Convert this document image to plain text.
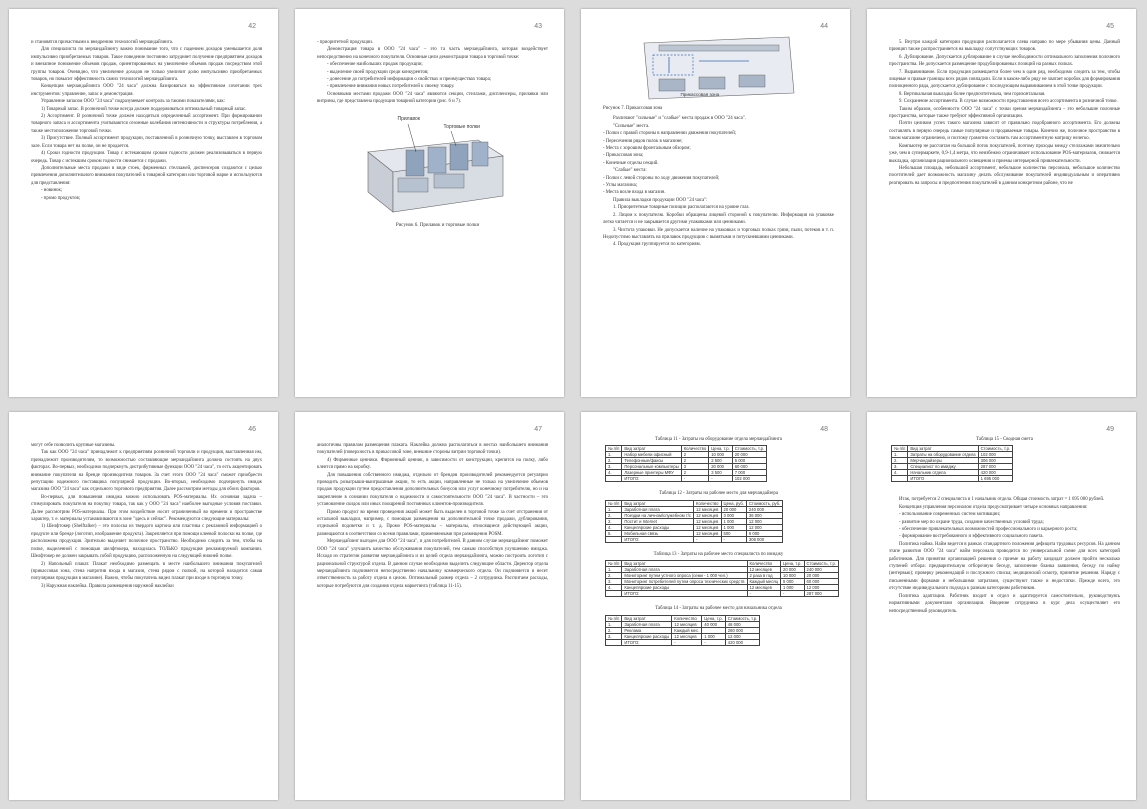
42

и становятся причастными к внедрению технологий мерчандайзинга.

Для специалиста по мерчандайзингу важно понимание того, что с падением доходов уменьшается доля импульсивно приобретаемых товаров. Такое поведение постоянно затрудняет получение предприятием доходов и внезапное понижение объемов продаж, ориентированных на увеличение объемов продаж посредством этой группы товаров. Очевидно, что увеличение доходов не только увеличит долю импульсивно приобретаемых товаров, но повысит эффективность самих технологий мерчандайзинга.

Концепция мерчандайзинга ООО "24 часа" должна базироваться на эффективном сочетании трех инструментов: управление, запас и демонстрация.

Управление запасом ООО "24 часа" подразумевает контроль за такими показателями, как:

1) Товарный запас. В розничной точке всегда должен поддерживаться оптимальный товарный запас.

2) Ассортимент. В розничной точке должен находиться определенный ассортимент. При формировании товарного запаса и ассортимента учитываются сезонные колебания интенсивности и структуры потребления, а также местоположение торговой точки.

3) Присутствие. Полный ассортимент продукции, поставленной в розничную точку, выставлен в торговом зале. Если товара нет на полке, он не продается.

4) Сроки годности продукции. Товар с истекающим сроком годности должен реализовываться в первую очередь. Товар с истекшим сроком годности снимается с продажи.

Дополнительные места продажи в виде стоек, фирменных стеллажей, диспенсеров создаются с целью привлечения дополнительного внимания покупателей к товарной категории или торговой марке и используются для представления:

- новинок;

- промо продуктов;

43

- приоритетной продукции.

Демонстрация товара в ООО "24 часа" – это та часть мерчандайзинга, которая воздействует непосредственно на конечного покупателя. Основные цели демонстрации товара в торговой точке:

- обеспечение наибольших продаж продукции;

- выделение своей продукции среди конкурентов;

- донесение до потребителей информации о свойствах и преимуществах товара;

- привлечение внимания новых потребителей к своему товару.

Основными местами продажи ООО "24 часа" являются секции, стеллажи, диспленсеры, прилавки или витрины, где представлена продукция товарной категории (рис. 6 и 7).

Прилавок
Торговые полки

Рисунок 6. Прилавок и торговые полки

44
Прикассовая зона

Рисунок 7. Прикассовая зона

Различают "сильные" и "слабые" места продаж в ООО "24 часа".

"Сильные" места.

- Полки с правой стороны в направлении движения покупателей;

- Пересечения рядов полок в магазине;

- Места с хорошим фронтальным обзором;

- Прикассовая зона;

- Конечные отделы секций.

"Слабые" места:

- Полки с левой стороны по ходу движения покупателей;

- Углы магазина;

- Места возле входа в магазин.

Правила выкладки продукции ООО "24 часа":

1. Приоритетные товарные позиции располагаются на уровне глаз.

2. Лицом к покупателю. Коробки обращены лицевой стороной к покупателю. Информация на упаковке легко читается и не закрывается другими упаковками или ценниками.

3. Чистота упаковки. Не допускается наличие на упаковках и торговых полках грязи, пыли, потеков и т. п. Недопустимо выставлять на прилавок продукцию с вымятыми и потускневшими ценниками.

4. Продукция группируется по категориям.

45

5. Внутри каждой категории продукция располагается слева направо по мере убывания цены. Данный принцип также распространяется на выкладку сопутствующих товаров.

6. Дублирование. Допускается дублирование в случае необходимости оптимального заполнения полочного пространства. Не допускается размещение продублированных позиций на разных полках.

7. Выравнивание. Если продукция размещается более чем в один ряд, необходимо следить за тем, чтобы лицевые и правые границы всех рядов совпадали. Если в каком-либо ряду не хватает коробок для формирования полноценного ряда, допускается дублирование с последующим выравниванием в этой точке продукции.

8. Вертикальная выкладка более предпочтительна, чем горизонтальная.

9. Сохранение ассортимента. В случае возможности представления всего ассортимента в розничной точке.

Таким образом, особенности ООО "24 часа" с точки зрения мерчандайзинга – это небольшие полочные пространства, которые также требуют эффективной организации.

Почти целиком успех такого магазина зависит от правильно подобранного ассортимента. Его должны составлять в первую очередь самые популярные и продаваемые товары. Конечно же, полочное пространство в таком магазине ограничено, и поэтому грамотно составить там ассортиментную матрицу нелегко.

Компьютер не рассчитан на большой поток покупателей, поэтому проходы между стеллажами значительно уже, чем в супермаркете, 0,9-1,4 метра, что неизбежно ограничивает использование POS-материалов, снижается выкладка, организация рационального освещения и приемы интерьерной привлекательности.

Небольшая площадь, небольшой ассортимент, небольшое количество персонала, небольшое количество посетителей дает возможность магазину делать обслуживание покупателей индивидуальным и оперативно реагировать на запросы и предпочтения покупателей в данном конкретном районе, что не

46

могут себе позволить крупные магазины.

Так как ООО "24 часа" принадлежит к предприятиям розничной торговли и продукция, выставленная им, принадлежит производителям, то возможностью составляющие мерчандайзинга должна состоять на двух факторах. Во-первых, необходимо подчеркнуть дистрибутивные функции ООО "24 часа", то есть акцентировать внимание покупателя на бренде производителя товаров. За счет этого ООО "24 часа" сможет приобрести репутацию надежного поставщика популярной продукции. Во-вторых, необходимо подчеркнуть имидж магазина ООО "24 часа" как отдельного торгового предприятия. Далее рассмотрим методы для обоих факторов.

Во-первых, для повышения имиджа можно использовать POS-материалы. Их основная задача – стимулировать покупателя на покупку товара, так как у ООО "24 часа" наиболее выгодные условия поставки. Далее рассмотрим POS-материалы. При этом воздействие носит ограниченный во времени и пространстве характер, т. е. материалы устанавливаются в зоне "здесь и сейчас". Рекомендуются следующие материалы:

1) Шелфтокер (Shelftalker) – это полоска из твердого картона или пластика с рекламной информацией о продукте или бренде (логотип, изображение продукта). Закрепляется при помощи клеевой полоски на полке, где расположена продукция. Зрительно выделяет полочное пространство. Необходимо следить за тем, чтобы на полке, выделенной с помощью шелфтокера, находилась ТОЛЬКО продукция рекламируемой компании. Шелфтокер не должен закрывать собой продукцию, расположенную на следующей нижней полке.

2) Напольный плакат. Плакат необходимо размещать в месте наибольшего внимания покупателей (прикассовая зона, стена напротив входа в магазин, стена рядом с полкой, на которой находится самая популярная продукция в магазине). Важно, чтобы покупатель видел плакат при входе в торговую точку.

3) Наружная наклейка. Правила размещения наружной наклейки

47

аналогичны правилам размещения плаката. Наклейка должна располагаться в местах наибольшего внимания покупателей (поверхность в прикассовой зоне, внешние стороны витрин торговой точки).

4) Фирменные ценники. Фирменный ценник, в зависимости от конструкции, крепится на полку, либо клеится прямо на коробку.

Для повышения собственного имиджа, отдельно от брендов производителей рекомендуется регулярно проводить розыгрыши-выигрышные акции, то есть акции, направленные не только на увеличение объемов продаж продукции путем предоставления дополнительных бонусов или услуг конечному потребителю, но и на закрепление в сознании покупателя о надежности и самостоятельности ООО "24 часа". В частности – это установление скидок или иных поощрений постоянных клиентов-производителя.

Промо продукт во время проведения акций может быть выделен в торговой точке за счет отстранения от остальной выкладки, например, с помощью размещения на дополнительной точке продажи, дублирования, отдельной подсветки и т. д. Промо POS-материалы – материалы, относящиеся действующей акции, размещаются в соответствии со всеми правилами, применяемыми при размещении POSM.

Мерчандайзинг выгоден для ООО "24 часа", и для потребителей. В данном случае мерчандайзинг поможет ООО "24 часа" улучшить качество обслуживания покупателей, тем самым способствуя улучшению имиджа. Исходя из стратегии развития мерчандайзинга и из целей отдела мерчандайзинга, можно построить логотип с рациональной структурой отдела. В данном случае необходимо выделить следующие области. Директор отдела мерчандайзинга подчиняется непосредственно начальнику коммерческого отдела. Он подчиняется и несет ответственность за работу отдела в целом. Оптимальный размер отдела – 2 сотрудника. Рассчитаем расходы, которые потребуются для создания отдела маркетинга (таблица 11-15).

48

Таблица 11 - Затраты на оборудование отдела мерчандайзинга

№ п/п	Вид затрат	Количество	Цена, т.р.	Стоимость, т.р.
1.	Набор мебели офисный	2	10 000	20 000
2.	Телефонные/факсы	2	2 500	5 000
3.	Персональные компьютеры	3	20 000	60 000
4.	Лазерные принтеры МФУ	2	3 500	7 000
	ИТОГО:	-	-	102 000

Таблица 12 - Затраты на рабочее место для мерчандайзера

№ п/п	Вид затрат	Количество	Цена, руб.	Стоимость, руб.
1.	Заработная плата	12 месяцев	20 000	240 000
2.	Поездки на личном/служебном т/с	12 месяцев	3 000	36 000
3.	Постит и Internet	12 месяцев	1 000	12 000
4.	Канцелярские расходы	12 месяцев	1 000	12 000
5.	Мобильная связь	12 месяцев	500	6 000
	ИТОГО:	-	-	306 000

Таблица 13 - Затраты на рабочее место специалиста по имиджу

№ п/п	Вид затрат	Количество	Цена, т.р.	Стоимость, т.р.
1.	Заработная плата	12 месяцев	20 000	240 000
2.	Мониторинг путем устного опроса (семи - 1 000 чел.)	2 раза в год	10 000	20 000
3.	Мониторинг потребителей путем опроса технических средств	Каждый месяц	5 000	60 000
4.	Канцелярские расходы	12 месяцев	1 000	12 000
	ИТОГО:	-	-	287 000

Таблица 14 - Затраты на рабочее место для начальника отдела

№ п/п	Вид затрат	Количество	Цена, т.р.	Стоимость, т.р.
1.	Заработная плата	12 месяцев	40 000	48 000
2.	Реклама	Каждый мес.		280 000
3.	Канцелярские расходы	12 месяцев	1 000	12 000
	ИТОГО:	-	-	420 000
49

Таблица 15 - Сводная смета

№ п/п	Вид затрат	Стоимость, т.р.
1.	Затраты на оборудование отдела	102 000
2.	Мерчандайзеры	306 000
3.	Специалист по имиджу	287 000
4.	Начальник отдела	420 000
	ИТОГО	1 695 000

Итак, потребуется 2 специалиста и 1 начальник отдела. Общая стоимость затрат = 1 695 000 рублей.

Концепция управления персоналом отдела предусматривает четыре основных направления:

- использование современных систем мотивации;

- развитие мер по охране труда, создание качественных условий труда;

- обеспечение привлекательных возможностей профессионального и карьерного роста;

- формирование востребованного и эффективного социального пакета.

Политика найма. Найм ведется в рамках стандартного положения дефицита трудовых ресурсов. На данном этапе развития ООО "24 часа" найм персонала проводится по универсальной схеме для всех категорий работников. Для принятия организацией решения о приеме на работу кандидат должен пройти несколько ступеней отбора: предварительную отборочную беседу, заполнение бланка заявления, беседу по найму (интервью); проверку рекомендаций и послужного списка; медицинский осмотр, принятие решения. Наряду с письменными формами и небольшими затратами, существуют также и недостатки. Прежде всего, это отсутствие индивидуального подхода к разным категориям работников.

Политика адаптации. Работник входит в отдел и адаптируется самостоятельно, руководствуясь нормативными документами организации. Введение сотрудника в курс дела осуществляет его непосредственный руководитель.
